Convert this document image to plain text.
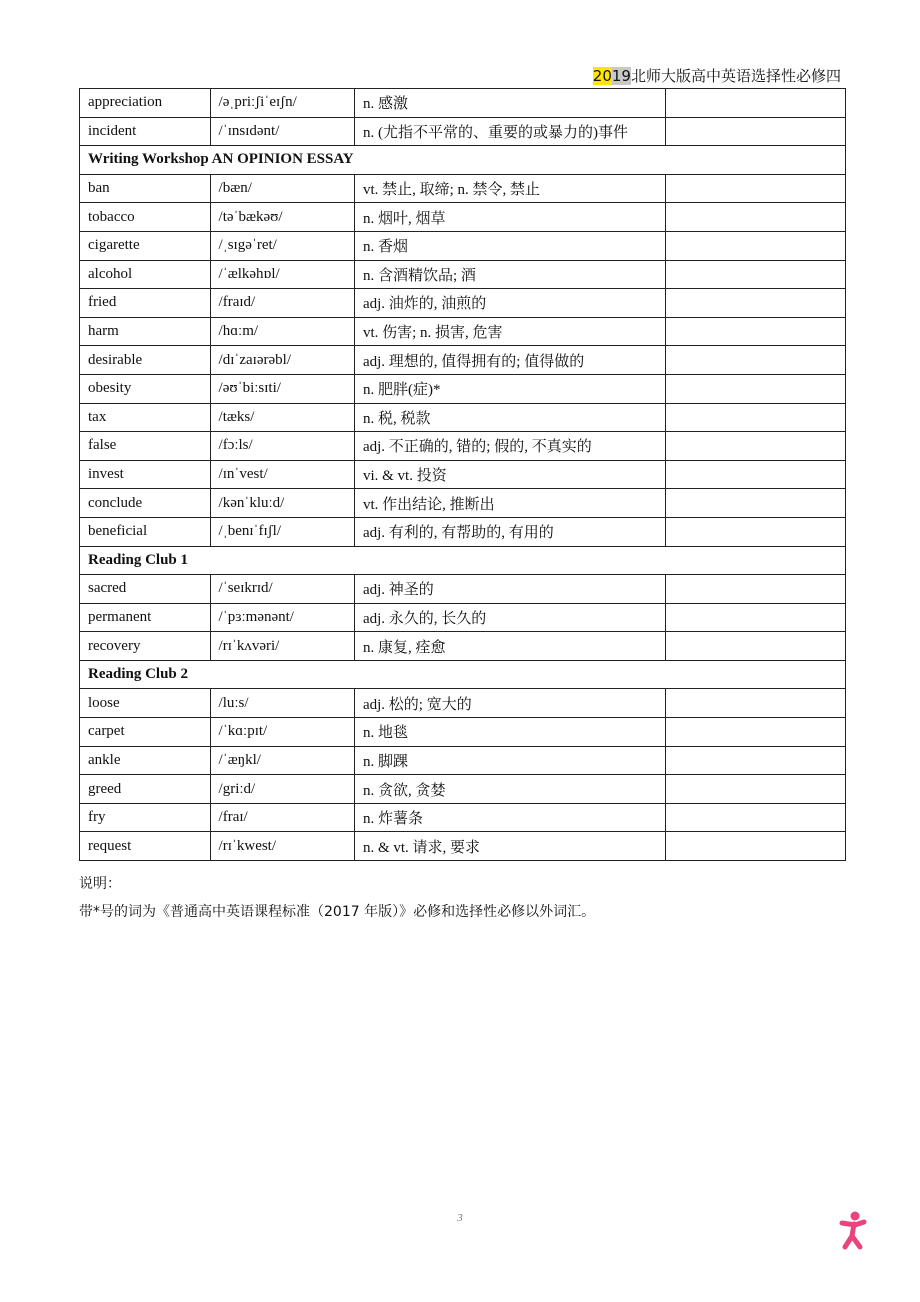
2019北师大版高中英语选择性必修四
appreciation	/əˌpriːʃiˈeɪʃn/	n. 感激	
incident	/ˈɪnsɪdənt/	n. (尤指不平常的、重要的或暴力的)事件	
Writing Workshop AN OPINION ESSAY			
ban	/bæn/	vt. 禁止, 取缔; n. 禁令, 禁止	
tobacco	/təˈbækəʊ/	n. 烟叶, 烟草	
cigarette	/ˌsɪgəˈret/	n. 香烟	
alcohol	/ˈælkəhɒl/	n. 含酒精饮品; 酒	
fried	/fraɪd/	adj. 油炸的, 油煎的	
harm	/hɑːm/	vt. 伤害; n. 损害, 危害	
desirable	/dɪˈzaɪərəbl/	adj. 理想的, 值得拥有的; 值得做的	
obesity	/əʊˈbiːsɪti/	n. 肥胖(症)*	
tax	/tæks/	n. 税, 税款	
false	/fɔːls/	adj. 不正确的, 错的; 假的, 不真实的	
invest	/ɪnˈvest/	vi. & vt. 投资	
conclude	/kənˈkluːd/	vt. 作出结论, 推断出	
beneficial	/ˌbenɪˈfɪʃl/	adj. 有利的, 有帮助的, 有用的	
Reading Club 1			
sacred	/ˈseɪkrɪd/	adj. 神圣的	
permanent	/ˈpɜːmənənt/	adj. 永久的, 长久的	
recovery	/rɪˈkʌvəri/	n. 康复, 痊愈	
Reading Club 2			
loose	/luːs/	adj. 松的; 宽大的	
carpet	/ˈkɑːpɪt/	n. 地毯	
ankle	/ˈæŋkl/	n. 脚踝	
greed	/griːd/	n. 贪欲, 贪婪	
fry	/fraɪ/	n. 炸薯条	
request	/rɪˈkwest/	n. & vt. 请求, 要求	
说明：
带*号的词为《普通高中英语课程标准（2017 年版）》必修和选择性必修以外词汇。
3
